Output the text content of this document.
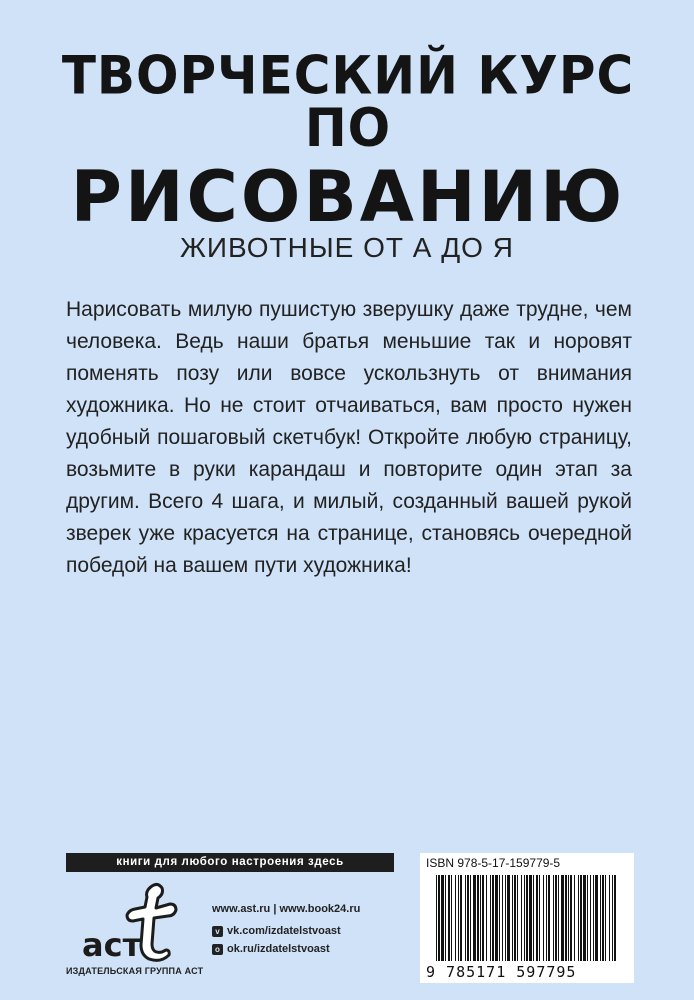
ТВОРЧЕСКИЙ КУРС ПО
РИСОВАНИЮ
ЖИВОТНЫЕ ОТ А ДО Я
Нарисовать милую пушистую зверушку даже трудне, чем человека. Ведь наши братья меньшие так и норовят поменять позу или вовсе ускользнуть от внимания художника. Но не стоит отчаиваться, вам просто нужен удобный пошаговый скетчбук! Откройте любую страницу, возьмите в руки карандаш и повторите один этап за другим. Всего 4 шага, и милый, созданный вашей рукой зверек уже красуется на странице, становясь очередной победой на вашем пути художника!
книги для любого настроения здесь
аст
ИЗДАТЕЛЬСКАЯ ГРУППА АСТ
www.ast.ru | www.book24.ru
v vk.com/izdatelstvoast
o ok.ru/izdatelstvoast
ISBN 978-5-17-159779-5
9 785171 597795
